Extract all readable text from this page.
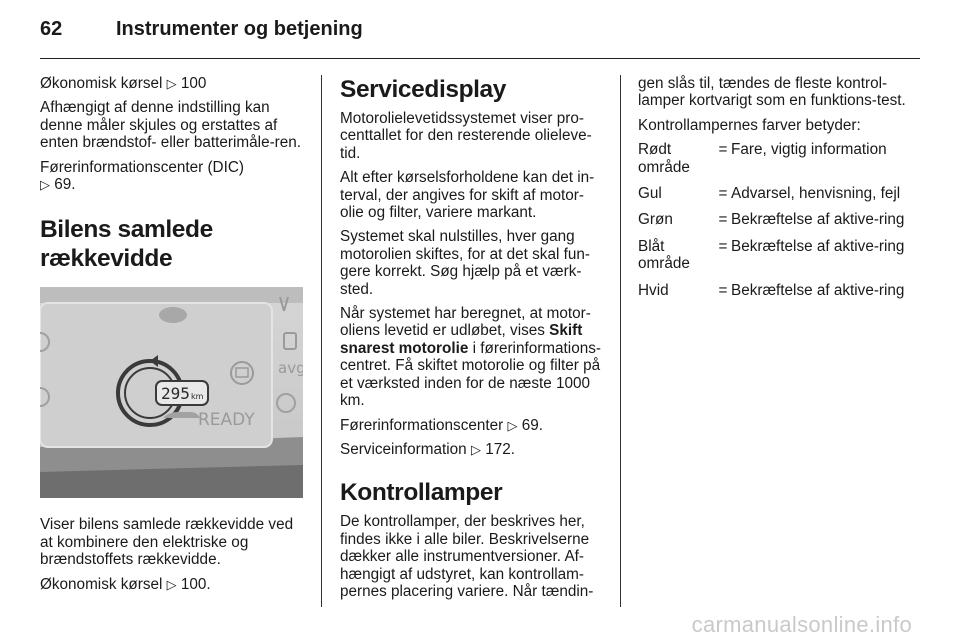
62	Instrumenter og betjening

Økonomisk kørsel ▷ 100

Afhængigt af denne indstilling kan denne måler skjules og erstattes af enten brændstof- eller batterimåle-ren.

Førerinformationscenter (DIC)
▷ 69.

Bilens samlede rækkevidde
295 km
READY
avg

Viser bilens samlede rækkevidde ved at kombinere den elektriske og brændstoffets rækkevidde.

Økonomisk kørsel ▷ 100.

Servicedisplay

Motorolielevetidssystemet viser pro-centtallet for den resterende olieleve-tid.

Alt efter kørselsforholdene kan det in-terval, der angives for skift af motor-olie og filter, variere markant.

Systemet skal nulstilles, hver gang motorolien skiftes, for at det skal fun-gere korrekt. Søg hjælp på et værk-sted.

Når systemet har beregnet, at motor-oliens levetid er udløbet, vises Skift snarest motorolie i førerinformations-centret. Få skiftet motorolie og filter på et værksted inden for de næste 1000 km.

Førerinformationscenter ▷ 69.

Serviceinformation ▷ 172.

Kontrollamper

De kontrollamper, der beskrives her, findes ikke i alle biler. Beskrivelserne dækker alle instrumentversioner. Af-hængigt af udstyret, kan kontrollam-pernes placering variere. Når tændin-

gen slås til, tændes de fleste kontrol-lamper kortvarigt som en funktions-test.

Kontrollampernes farver betyder:

Rødt område
= Fare, vigtig information
Gul	= Advarsel, henvisning, fejl
Grøn	= Bekræftelse af aktive-ring
Blåt område
= Bekræftelse af aktive-ring
Hvid	= Bekræftelse af aktive-ring
carmanualsonline.info
